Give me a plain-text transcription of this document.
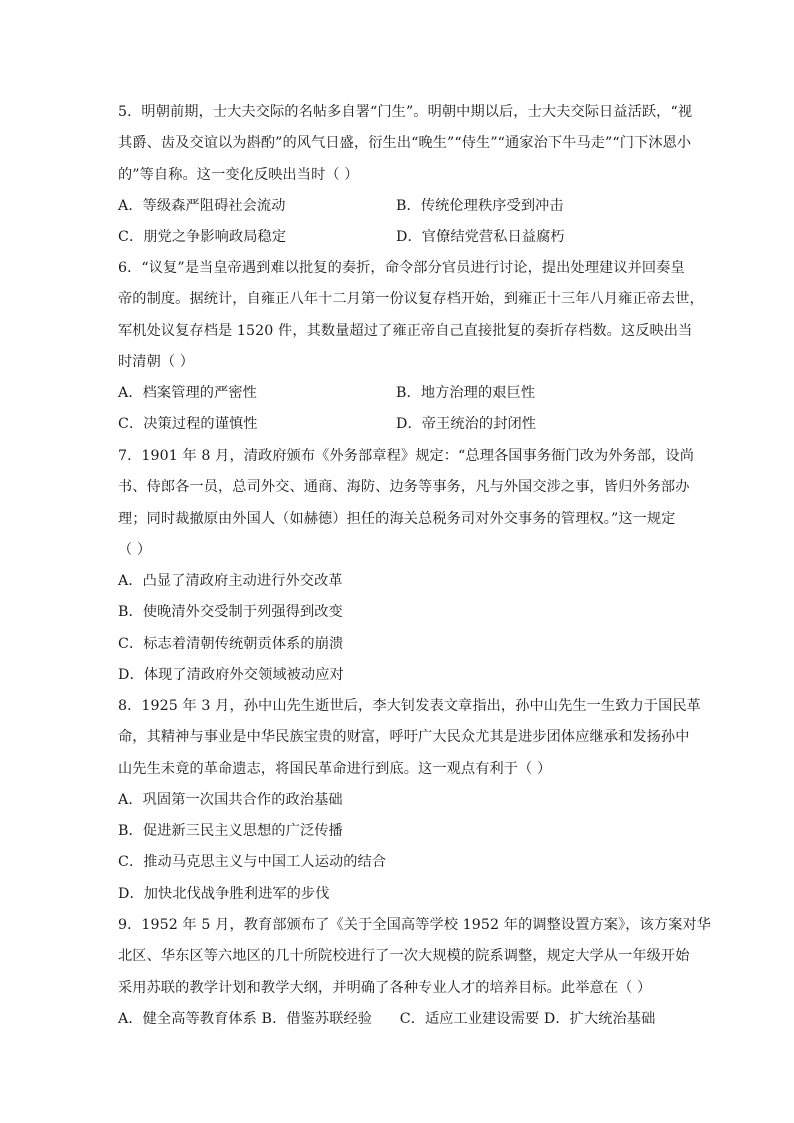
5．明朝前期，士大夫交际的名帖多自署“门生”。明朝中期以后，士大夫交际日益活跃，“视
其爵、齿及交谊以为斟酌”的风气日盛，衍生出“晚生”“侍生”“通家治下牛马走”“门下沐恩小
的”等自称。这一变化反映出当时（ ）
A．等级森严阻碍社会流动	B．传统伦理秩序受到冲击
C．朋党之争影响政局稳定	D．官僚结党营私日益腐朽
6．“议复”是当皇帝遇到难以批复的奏折，命令部分官员进行讨论，提出处理建议并回奏皇
帝的制度。据统计，自雍正八年十二月第一份议复存档开始，到雍正十三年八月雍正帝去世，
军机处议复存档是 1520 件，其数量超过了雍正帝自己直接批复的奏折存档数。这反映出当
时清朝（ ）
A．档案管理的严密性	B．地方治理的艰巨性
C．决策过程的谨慎性	D．帝王统治的封闭性
7．1901 年 8 月，清政府颁布《外务部章程》规定：“总理各国事务衙门改为外务部，设尚
书、侍郎各一员，总司外交、通商、海防、边务等事务，凡与外国交涉之事，皆归外务部办
理；同时裁撤原由外国人（如赫德）担任的海关总税务司对外交事务的管理权。”这一规定
（ ）
A．凸显了清政府主动进行外交改革
B．使晚清外交受制于列强得到改变
C．标志着清朝传统朝贡体系的崩溃
D．体现了清政府外交领域被动应对
8．1925 年 3 月，孙中山先生逝世后，李大钊发表文章指出，孙中山先生一生致力于国民革
命，其精神与事业是中华民族宝贵的财富，呼吁广大民众尤其是进步团体应继承和发扬孙中
山先生未竟的革命遗志，将国民革命进行到底。这一观点有利于（ ）
A．巩固第一次国共合作的政治基础
B．促进新三民主义思想的广泛传播
C．推动马克思主义与中国工人运动的结合
D．加快北伐战争胜利进军的步伐
9．1952 年 5 月，教育部颁布了《关于全国高等学校 1952 年的调整设置方案》，该方案对华
北区、华东区等六地区的几十所院校进行了一次大规模的院系调整，规定大学从一年级开始
采用苏联的教学计划和教学大纲，并明确了各种专业人才的培养目标。此举意在（ ）
A．健全高等教育体系 B．借鉴苏联经验      C．适应工业建设需要 D．扩大统治基础
